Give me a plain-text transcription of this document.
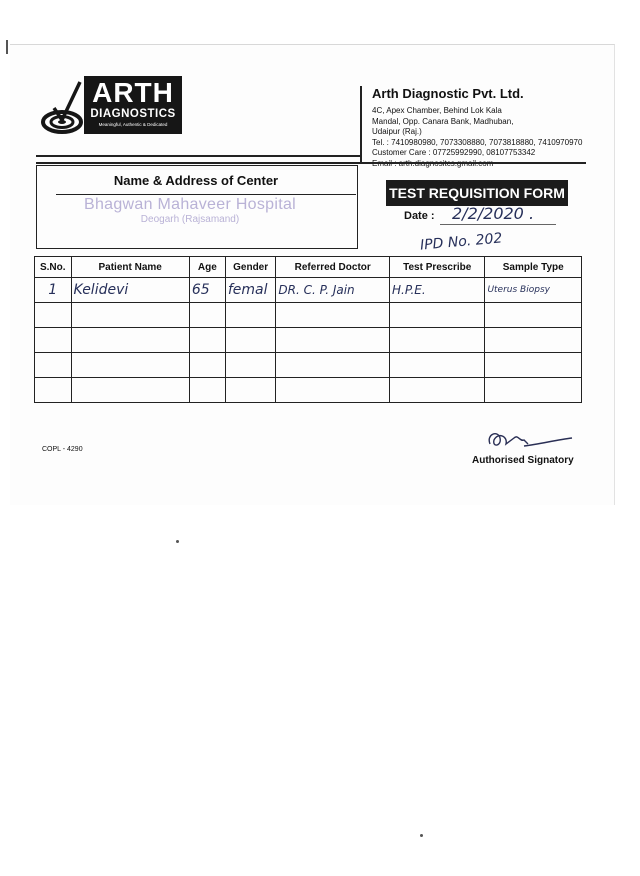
ARTH
DIAGNOSTICS
Meaningful, Authentic & Dedicated
Arth Diagnostic Pvt. Ltd.
4C, Apex Chamber, Behind Lok Kala
Mandal, Opp. Canara Bank, Madhuban,
Udaipur (Raj.)
Tel. : 7410980980, 7073308880, 7073818880, 7410970970
Customer Care : 07725992990, 08107753342
Name & Address of Center
Bhagwan Mahaveer Hospital
Deogarh (Rajsamand)
TEST REQUISITION FORM
Date : 2/2/2020 .
IPD No. 202
S.No.	Patient Name	Age	Gender	Referred Doctor	Test Prescribe	Sample Type
1	Kelidevi	65	femal	DR. C. P. Jain	H.P.E.	Uterus Biopsy

COPL - 4290
Authorised Signatory
